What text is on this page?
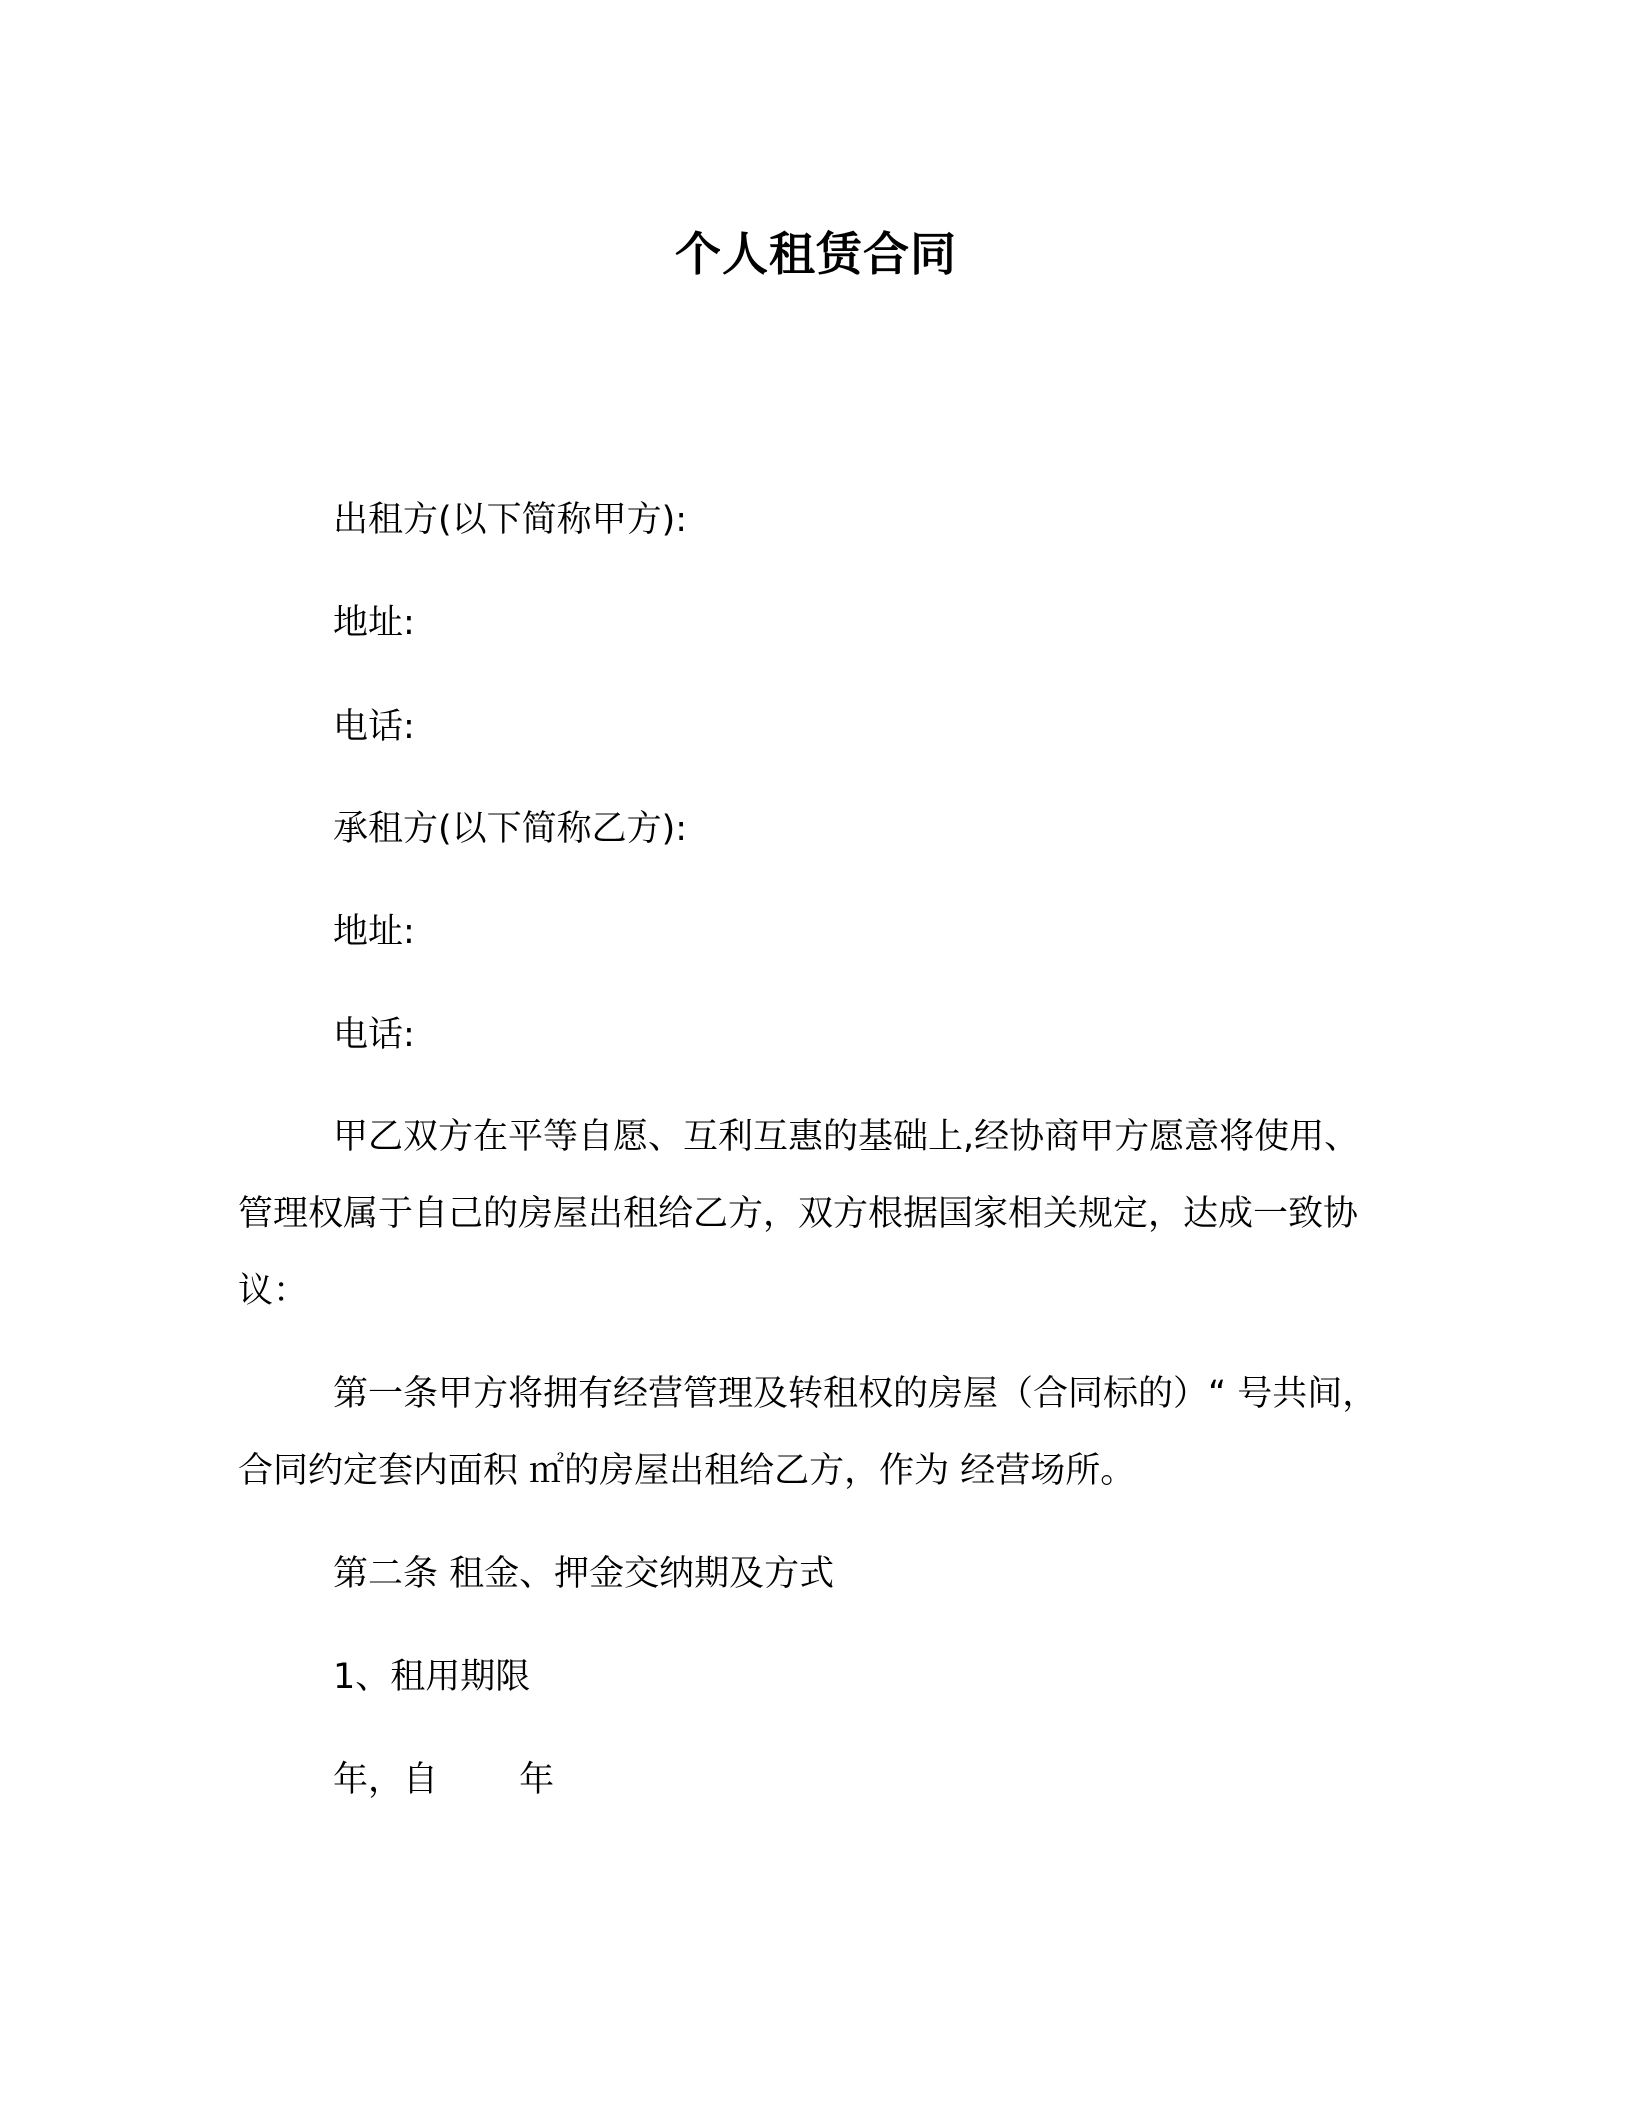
个人租赁合同
出租方(以下简称甲方):
地址:
电话:
承租方(以下简称乙方):
地址:
电话:

甲乙双方在平等自愿、互利互惠的基础上,经协商甲方愿意将使用、管理权属于自己的房屋出租给乙方，双方根据国家相关规定，达成一致协议：

第一条甲方将拥有经营管理及转租权的房屋（合同标的）“ 号共间，合同约定套内面积 ㎡的房屋出租给乙方，作为 经营场所。

第二条 租金、押金交纳期及方式
1、租用期限
年，自　　 年
